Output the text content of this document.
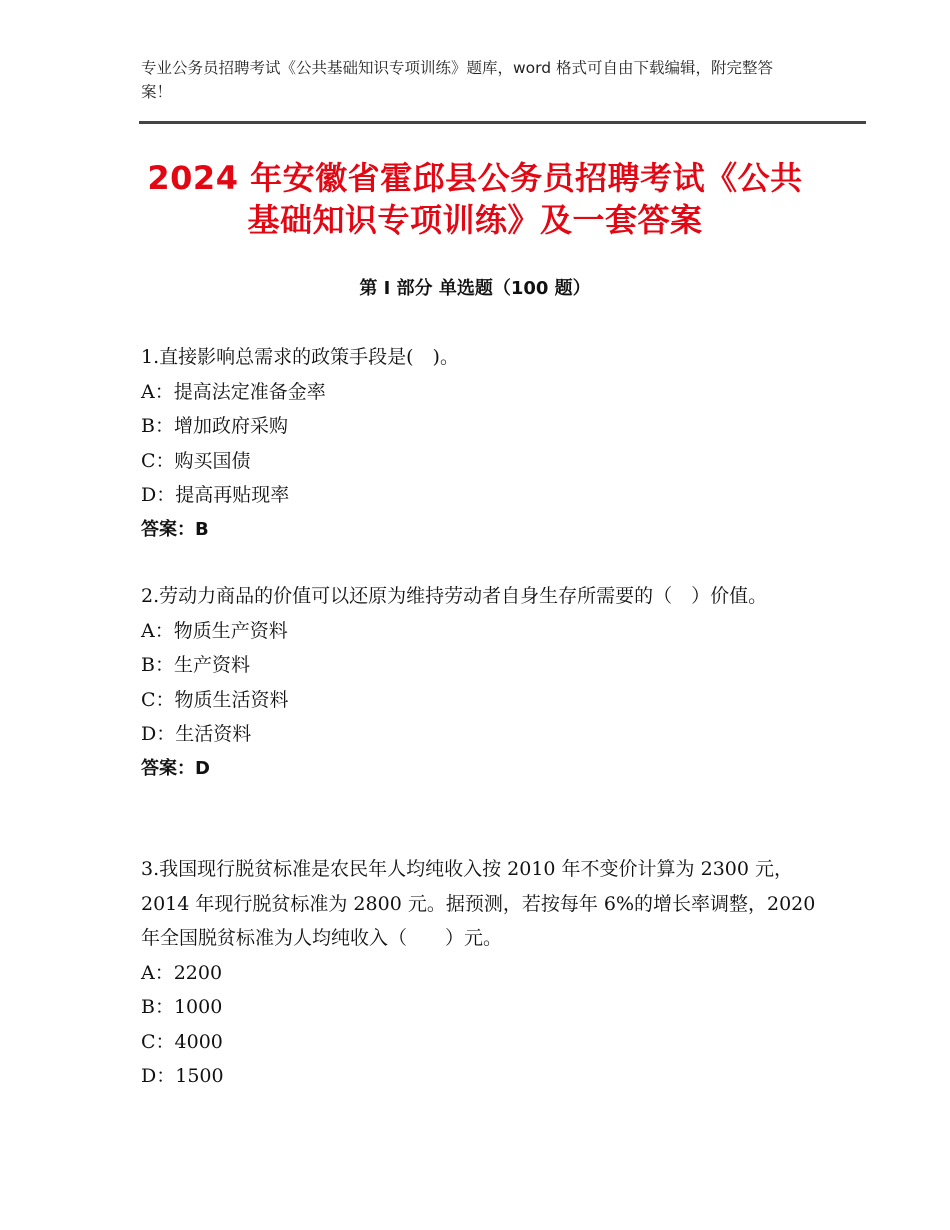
专业公务员招聘考试《公共基础知识专项训练》题库，word 格式可自由下载编辑，附完整答案！
2024 年安徽省霍邱县公务员招聘考试《公共
基础知识专项训练》及一套答案
第 I 部分 单选题（100 题）
1.直接影响总需求的政策手段是(　)。
A：提高法定准备金率
B：增加政府采购
C：购买国债
D：提高再贴现率
答案：B
2.劳动力商品的价值可以还原为维持劳动者自身生存所需要的（　）价值。
A：物质生产资料
B：生产资料
C：物质生活资料
D：生活资料
答案：D
3.我国现行脱贫标准是农民年人均纯收入按 2010 年不变价计算为 2300 元，2014 年现行脱贫标准为 2800 元。据预测，若按每年 6%的增长率调整，2020 年全国脱贫标准为人均纯收入（　　）元。
A：2200
B：1000
C：4000
D：1500
